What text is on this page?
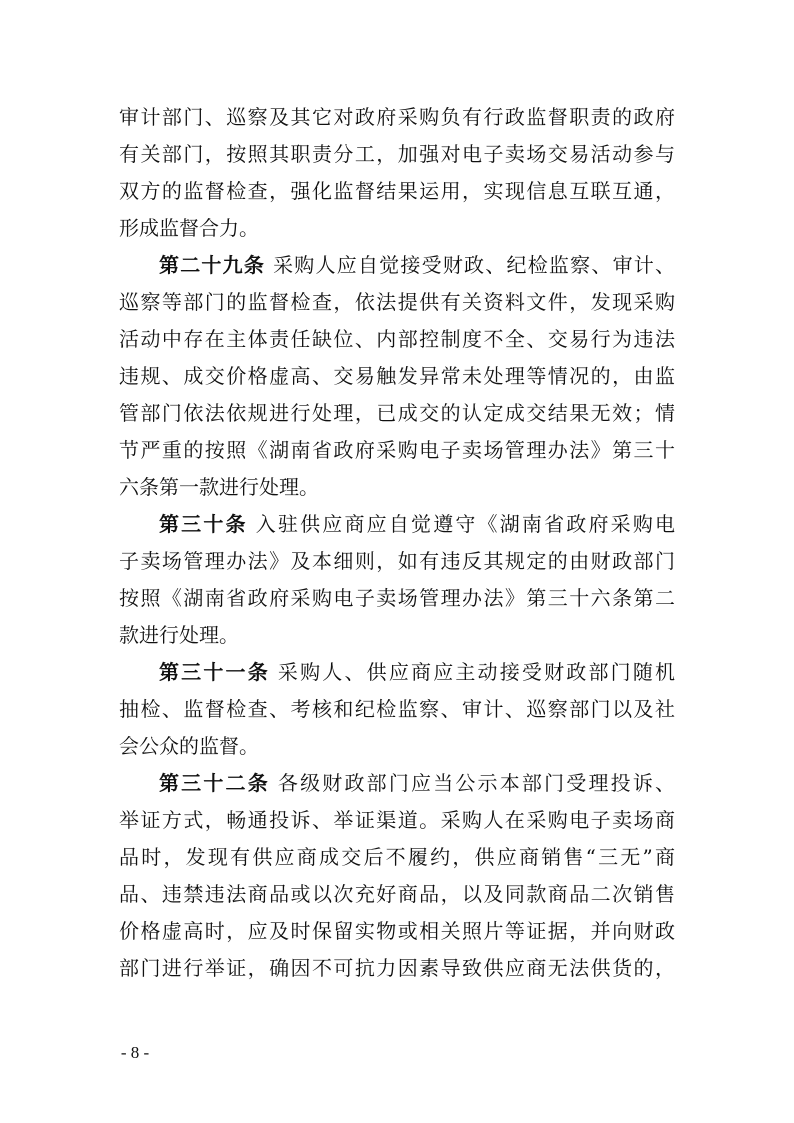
审计部门、巡察及其它对政府采购负有行政监督职责的政府
有关部门，按照其职责分工，加强对电子卖场交易活动参与
双方的监督检查，强化监督结果运用，实现信息互联互通，
形成监督合力。
第二十九条 采购人应自觉接受财政、纪检监察、审计、
巡察等部门的监督检查，依法提供有关资料文件，发现采购
活动中存在主体责任缺位、内部控制度不全、交易行为违法
违规、成交价格虚高、交易触发异常未处理等情况的，由监
管部门依法依规进行处理，已成交的认定成交结果无效；情
节严重的按照《湖南省政府采购电子卖场管理办法》第三十
六条第一款进行处理。
第三十条 入驻供应商应自觉遵守《湖南省政府采购电
子卖场管理办法》及本细则，如有违反其规定的由财政部门
按照《湖南省政府采购电子卖场管理办法》第三十六条第二
款进行处理。
第三十一条 采购人、供应商应主动接受财政部门随机
抽检、监督检查、考核和纪检监察、审计、巡察部门以及社
会公众的监督。
第三十二条 各级财政部门应当公示本部门受理投诉、
举证方式，畅通投诉、举证渠道。采购人在采购电子卖场商
品时，发现有供应商成交后不履约，供应商销售“三无”商
品、违禁违法商品或以次充好商品，以及同款商品二次销售
价格虚高时，应及时保留实物或相关照片等证据，并向财政
部门进行举证，确因不可抗力因素导致供应商无法供货的，
- 8 -
